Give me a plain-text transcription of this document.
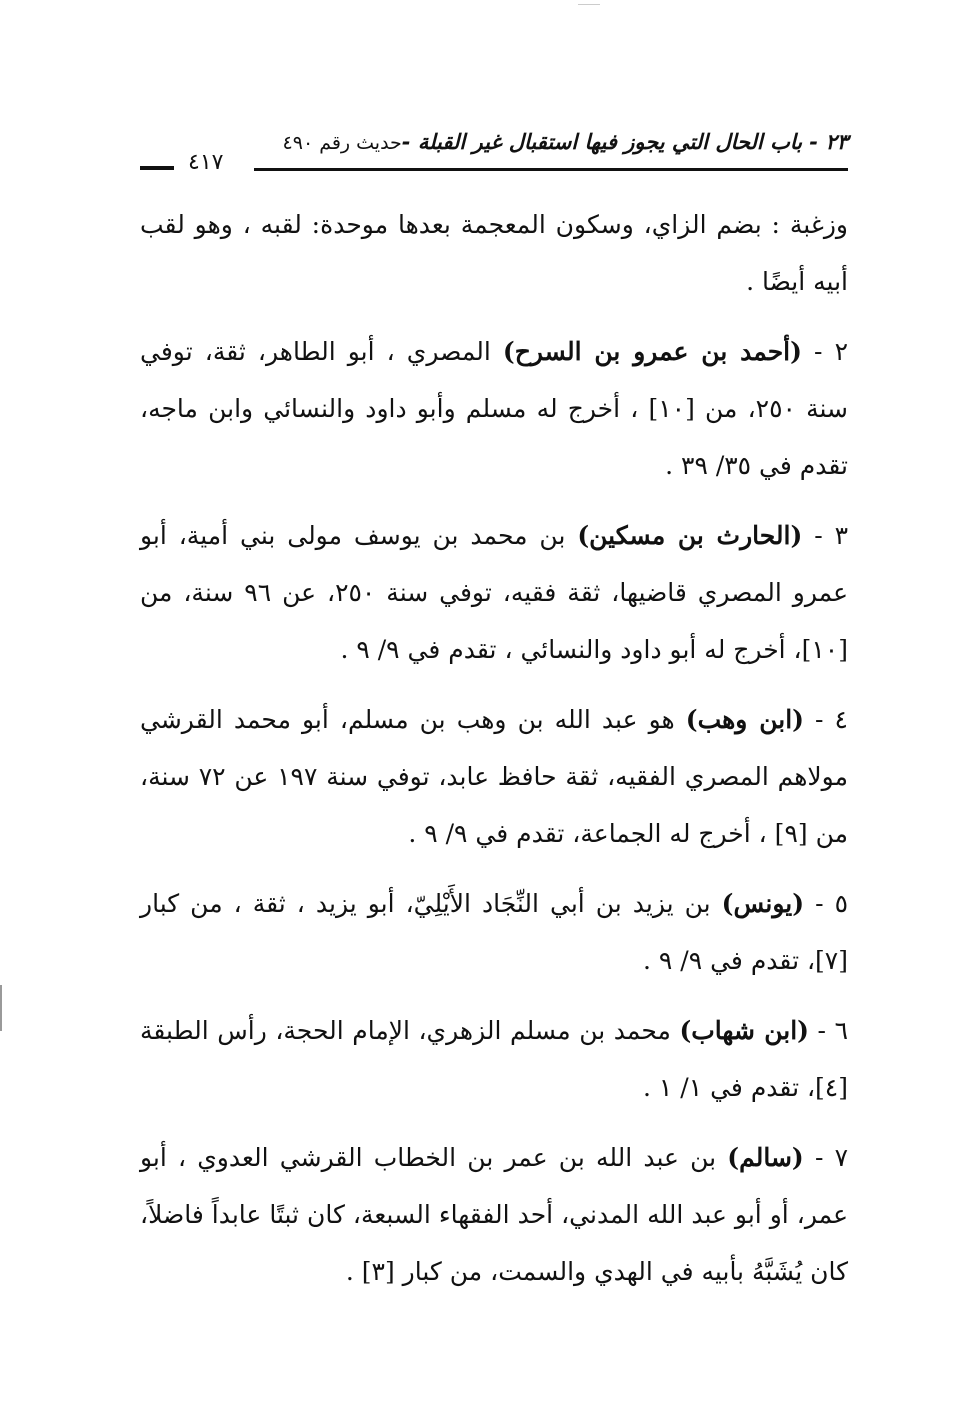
٢٣ - باب الحال التي يجوز فيها استقبال غير القبلة -حديث رقم ٤٩٠
٤١٧

وزغبة : بضم الزاي، وسكون المعجمة بعدها موحدة: لقبه ، وهو لقب أبيه أيضًا .

٢ - (أحمد بن عمرو بن السرح) المصري ، أبو الطاهر، ثقة، توفي سنة ٢٥٠، من [١٠] ، أخرج له مسلم وأبو داود والنسائي وابن ماجه، تقدم في ٣٥/ ٣٩ .

٣ - (الحارث بن مسكين) بن محمد بن يوسف مولى بني أمية، أبو عمرو المصري قاضيها، ثقة فقيه، توفي سنة ٢٥٠، عن ٩٦ سنة، من [١٠]، أخرج له أبو داود والنسائي ، تقدم في ٩/ ٩ .

٤ - (ابن وهب) هو عبد الله بن وهب بن مسلم، أبو محمد القرشي مولاهم المصري الفقيه، ثقة حافظ عابد، توفي سنة ١٩٧ عن ٧٢ سنة، من [٩] ، أخرج له الجماعة، تقدم في ٩/ ٩ .

٥ - (يونس) بن يزيد بن أبي النِّجَاد الأَيْلِيّ، أبو يزيد ، ثقة ، من كبار [٧]، تقدم في ٩/ ٩ .

٦ - (ابن شهاب) محمد بن مسلم الزهري، الإمام الحجة، رأس الطبقة [٤]، تقدم في ١/ ١ .

٧ - (سالم) بن عبد الله بن عمر بن الخطاب القرشي العدوي ، أبو عمر، أو أبو عبد الله المدني، أحد الفقهاء السبعة، كان ثبتًا عابداً فاضلاً، كان يُشَبَّهُ بأبيه في الهدي والسمت، من كبار [٣] .
